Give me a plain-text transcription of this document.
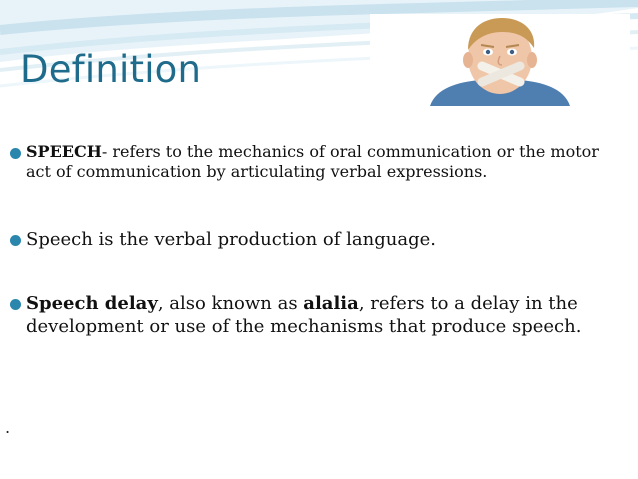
Definition
SPEECH- refers to the mechanics of oral communication or the motor act of communication by articulating verbal expressions.
Speech is the verbal production of language.
Speech delay, also known as alalia, refers to a delay in the development or use of the mechanisms that produce speech.
.
